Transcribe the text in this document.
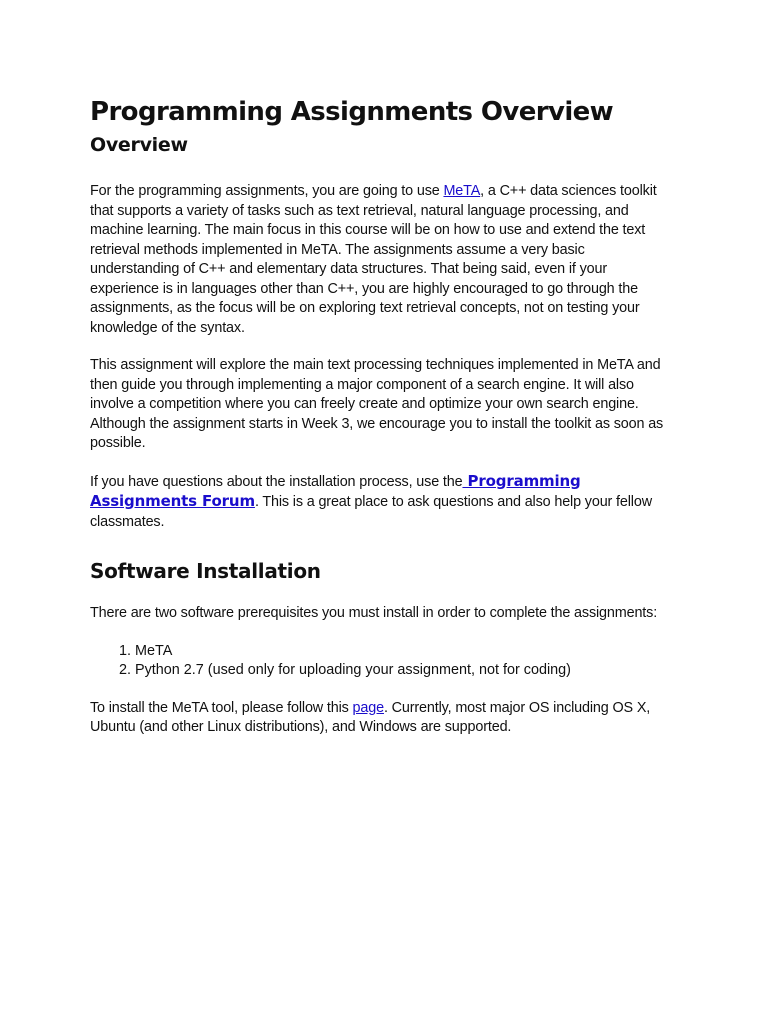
Programming Assignments Overview
Overview

For the programming assignments, you are going to use MeTA, a C++ data sciences toolkit that supports a variety of tasks such as text retrieval, natural language processing, and machine learning. The main focus in this course will be on how to use and extend the text retrieval methods implemented in MeTA. The assignments assume a very basic understanding of C++ and elementary data structures. That being said, even if your experience is in languages other than C++, you are highly encouraged to go through the assignments, as the focus will be on exploring text retrieval concepts, not on testing your knowledge of the syntax.

This assignment will explore the main text processing techniques implemented in MeTA and then guide you through implementing a major component of a search engine. It will also involve a competition where you can freely create and optimize your own search engine. Although the assignment starts in Week 3, we encourage you to install the toolkit as soon as possible.

If you have questions about the installation process, use the Programming Assignments Forum. This is a great place to ask questions and also help your fellow classmates.

Software Installation

There are two software prerequisites you must install in order to complete the assignments:

1. MeTA
2. Python 2.7 (used only for uploading your assignment, not for coding)

To install the MeTA tool, please follow this page. Currently, most major OS including OS X, Ubuntu (and other Linux distributions), and Windows are supported.
